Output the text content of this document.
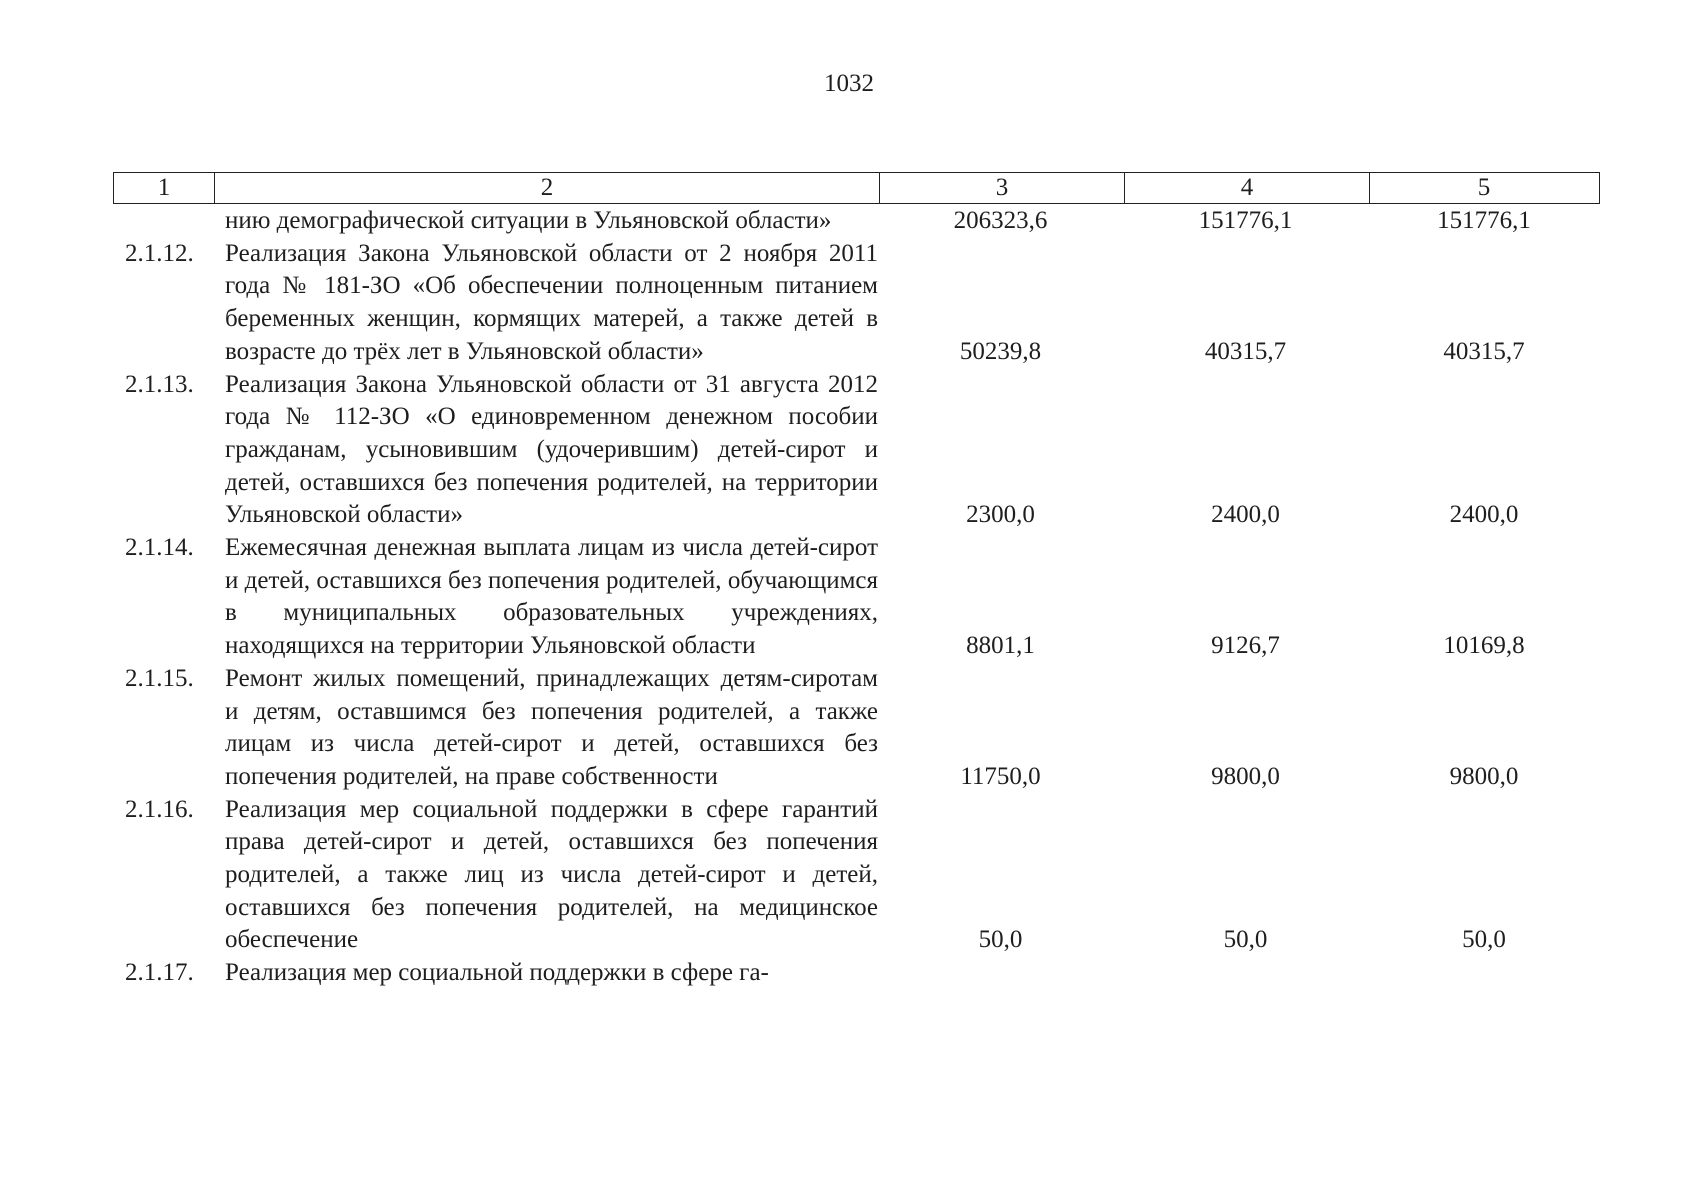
1032
1	2	3	4	5
нию демографической ситуации в Ульяновской области»	206323,6	151776,1	151776,1
2.1.12.	Реализация Закона Ульяновской области от 2 ноября 2011 года № 181-ЗО «Об обеспечении полноценным питанием беременных женщин, кормящих матерей, а также детей в возрасте до трёх лет в Ульяновской области»	50239,8	40315,7	40315,7
2.1.13.	Реализация Закона Ульяновской области от 31 августа 2012 года № 112-ЗО «О единовременном денежном пособии гражданам, усыновившим (удочерившим) детей-сирот и детей, оставшихся без попечения родителей, на территории Ульяновской области»	2300,0	2400,0	2400,0
2.1.14.	Ежемесячная денежная выплата лицам из числа детей-сирот и детей, оставшихся без попечения родителей, обучающимся в муниципальных образовательных учреждениях, находящихся на территории Ульяновской области	8801,1	9126,7	10169,8
2.1.15.	Ремонт жилых помещений, принадлежащих детям-сиротам и детям, оставшимся без попечения родителей, а также лицам из числа детей-сирот и детей, оставшихся без попечения родителей, на праве собственности	11750,0	9800,0	9800,0
2.1.16.	Реализация мер социальной поддержки в сфере гарантий права детей-сирот и детей, оставшихся без попечения родителей, а также лиц из числа детей-сирот и детей, оставшихся без попечения родителей, на медицинское обеспечение	50,0	50,0	50,0
2.1.17.	Реализация мер социальной поддержки в сфере га-
